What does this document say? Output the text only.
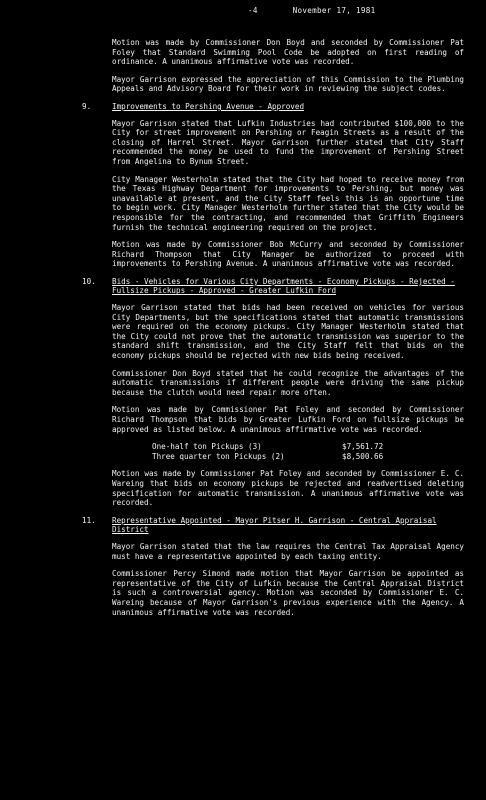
-4	November 17, 1981
Motion was made by Commissioner Don Boyd and seconded by Commissioner Pat Foley that Standard Swimming Pool Code be adopted on first reading of ordinance. A unanimous affirmative vote was recorded.
Mayor Garrison expressed the appreciation of this Commission to the Plumbing Appeals and Advisory Board for their work in reviewing the subject codes.
9.	Improvements to Pershing Avenue - Approved
Mayor Garrison stated that Lufkin Industries had contributed $100,000 to the City for street improvement on Pershing or Feagin Streets as a result of the closing of Harrel Street. Mayor Garrison further stated that City Staff recommended the money be used to fund the improvement of Pershing Street from Angelina to Bynum Street.
City Manager Westerholm stated that the City had hoped to receive money from the Texas Highway Department for improvements to Pershing, but money was unavailable at present, and the City Staff feels this is an opportune time to begin work. City Manager Westerholm further stated that the City would be responsible for the contracting, and recommended that Griffith Engineers furnish the technical engineering required on the project.
Motion was made by Commissioner Bob McCurry and seconded by Commissioner Richard Thompson that City Manager be authorized to proceed with improvements to Pershing Avenue. A unanimous affirmative vote was recorded.
10. Bids - Vehicles for Various City Departments - Economy Pickups - Rejected - Fullsize Pickups - Approved - Greater Lufkin Ford
Mayor Garrison stated that bids had been received on vehicles for various City Departments, but the specifications stated that automatic transmissions were required on the economy pickups. City Manager Westerholm stated that the City could not prove that the automatic transmission was superior to the standard shift transmission, and the City Staff felt that bids on the economy pickups should be rejected with new bids being received.
Commissioner Don Boyd stated that he could recognize the advantages of the automatic transmissions if different people were driving the same pickup because the clutch would need repair more often.
Motion was made by Commissioner Pat Foley and seconded by Commissioner Richard Thompson that bids by Greater Lufkin Ford on fullsize pickups be approved as listed below. A unanimous affirmative vote was recorded.
One-half ton Pickups (3)	$7,561.72
Three quarter ton Pickups (2)	$8,500.66
Motion was made by Commissioner Pat Foley and seconded by Commissioner E. C. Wareing that bids on economy pickups be rejected and readvertised deleting specification for automatic transmission. A unanimous affirmative vote was recorded.
11. Representative Appointed - Mayor Pitser H. Garrison - Central Appraisal District
Mayor Garrison stated that the law requires the Central Tax Appraisal Agency must have a representative appointed by each taxing entity.
Commissioner Percy Simond made motion that Mayor Garrison be appointed as representative of the City of Lufkin because the Central Appraisal District is such a controversial agency. Motion was seconded by Commissioner E. C. Wareing because of Mayor Garrison's previous experience with the Agency. A unanimous affirmative vote was recorded.
